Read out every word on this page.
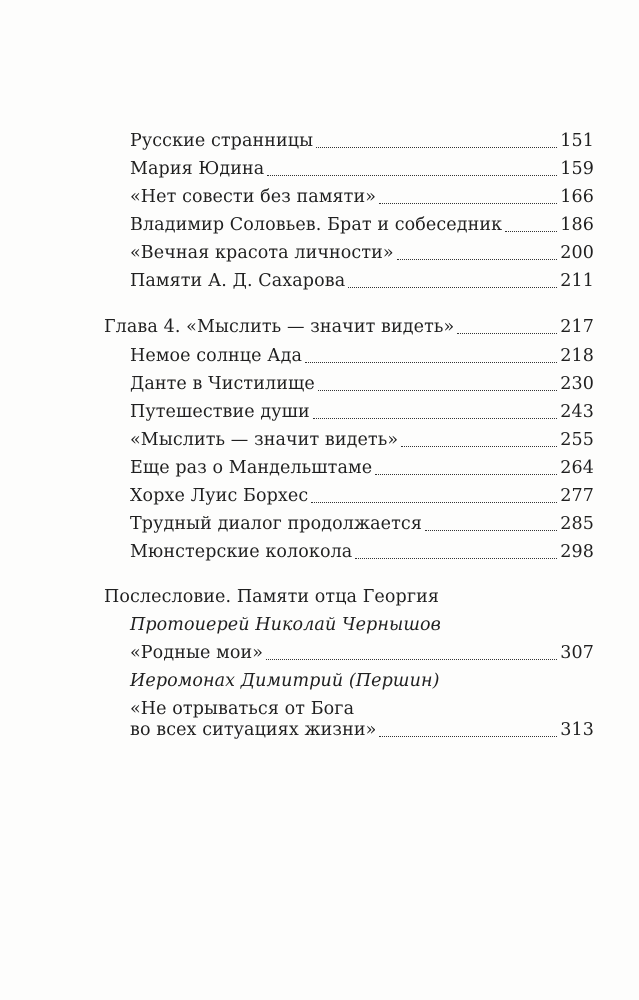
Русские странницы	151
Мария Юдина	159
«Нет совести без памяти»	166
Владимир Соловьев. Брат и собеседник	186
«Вечная красота личности»	200
Памяти А. Д. Сахарова	211
Глава 4. «Мыслить — значит видеть»	217
Немое солнце Ада	218
Данте в Чистилище	230
Путешествие души	243
«Мыслить — значит видеть»	255
Еще раз о Мандельштаме	264
Хорхе Луис Борхес	277
Трудный диалог продолжается	285
Мюнстерские колокола	298
Послесловие. Памяти отца Георгия
Протоиерей Николай Чернышов
«Родные мои»	307
Иеромонах Димитрий (Першин)
«Не отрываться от Бога
во всех ситуациях жизни»	313
